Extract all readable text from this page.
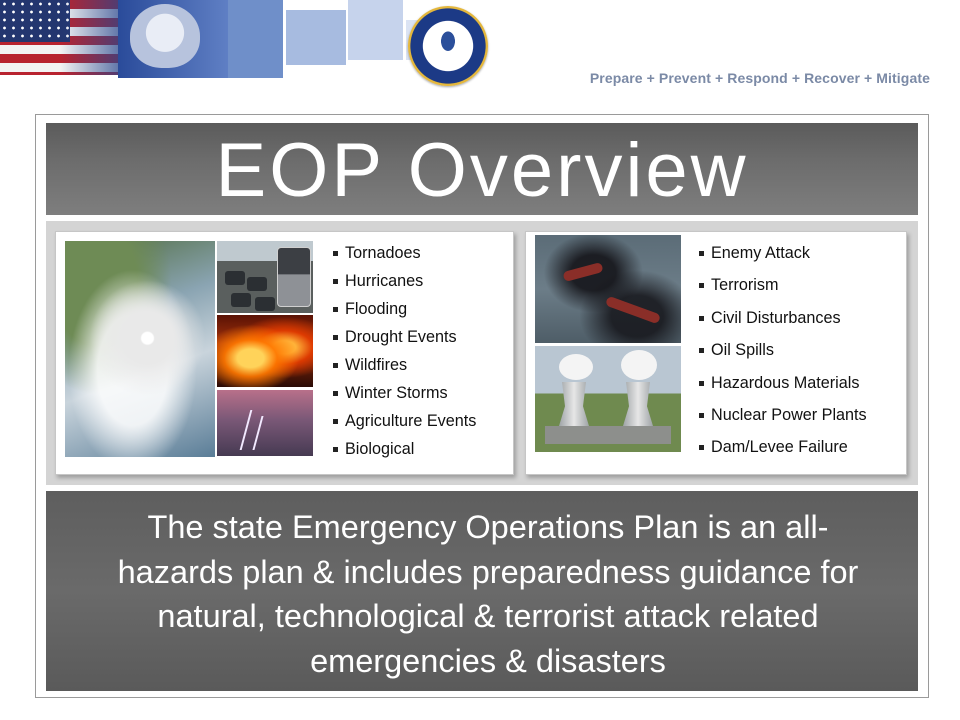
Prepare + Prevent + Respond + Recover + Mitigate
EOP Overview
Tornadoes
Hurricanes
Flooding
Drought Events
Wildfires
Winter Storms
Agriculture Events
Biological
Enemy Attack
Terrorism
Civil Disturbances
Oil Spills
Hazardous Materials
Nuclear Power Plants
Dam/Levee Failure
The state Emergency Operations Plan is an all-hazards plan & includes preparedness guidance for natural, technological & terrorist attack related emergencies & disasters
